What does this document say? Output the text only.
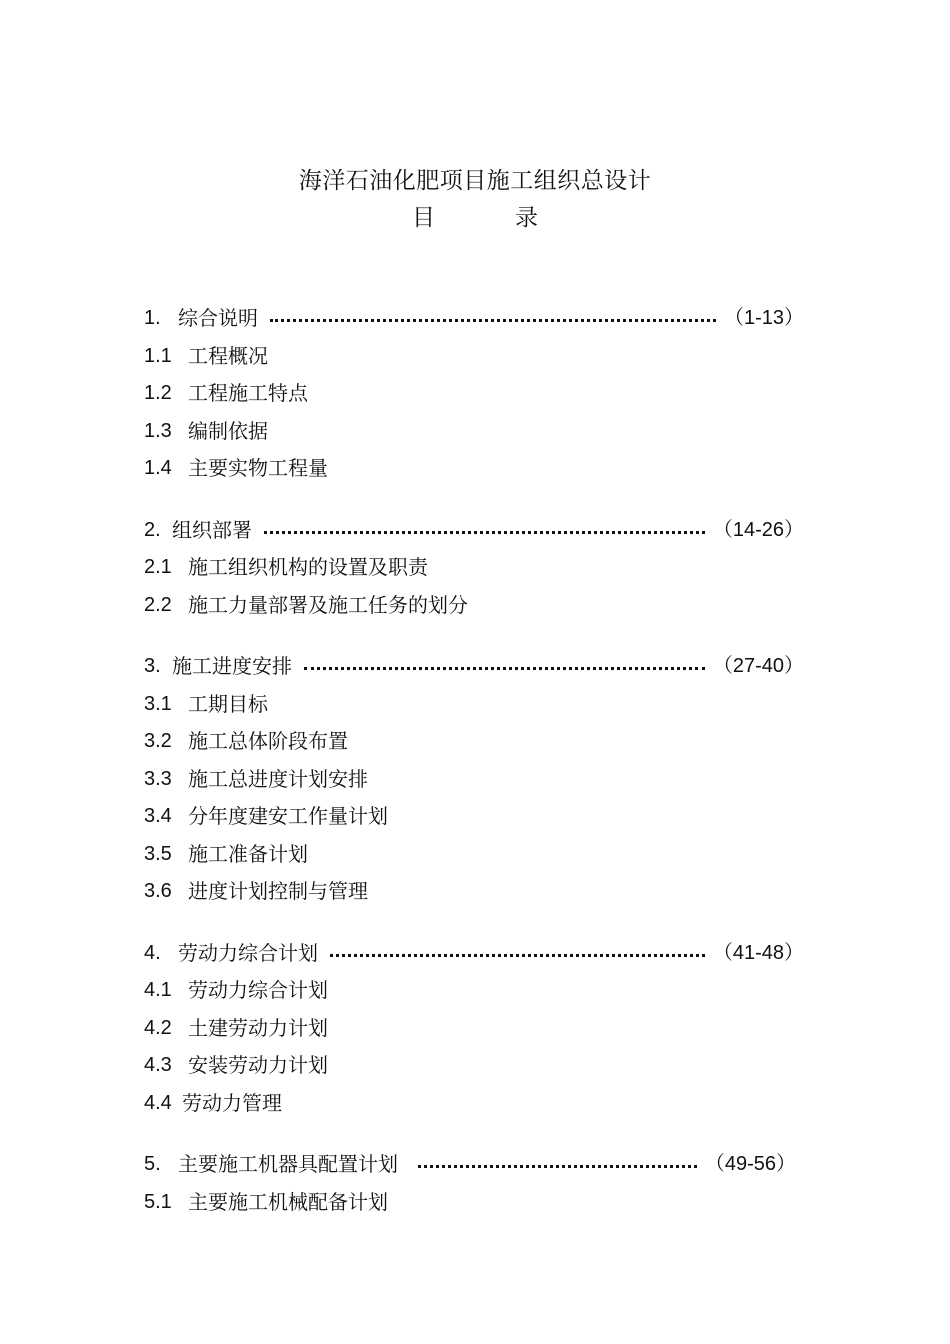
海洋石油化肥项目施工组织总设计
目	录
1. 综合说明	（1-13）
1.1 工程概况
1.2 工程施工特点
1.3 编制依据
1.4 主要实物工程量
2. 组织部署	（14-26）
2.1 施工组织机构的设置及职责
2.2 施工力量部署及施工任务的划分
3. 施工进度安排	（27-40）
3.1 工期目标
3.2 施工总体阶段布置
3.3 施工总进度计划安排
3.4 分年度建安工作量计划
3.5 施工准备计划
3.6 进度计划控制与管理
4. 劳动力综合计划	（41-48）
4.1 劳动力综合计划
4.2 土建劳动力计划
4.3 安装劳动力计划
4.4 劳动力管理
5. 主要施工机器具配置计划	（49-56）
5.1 主要施工机械配备计划
